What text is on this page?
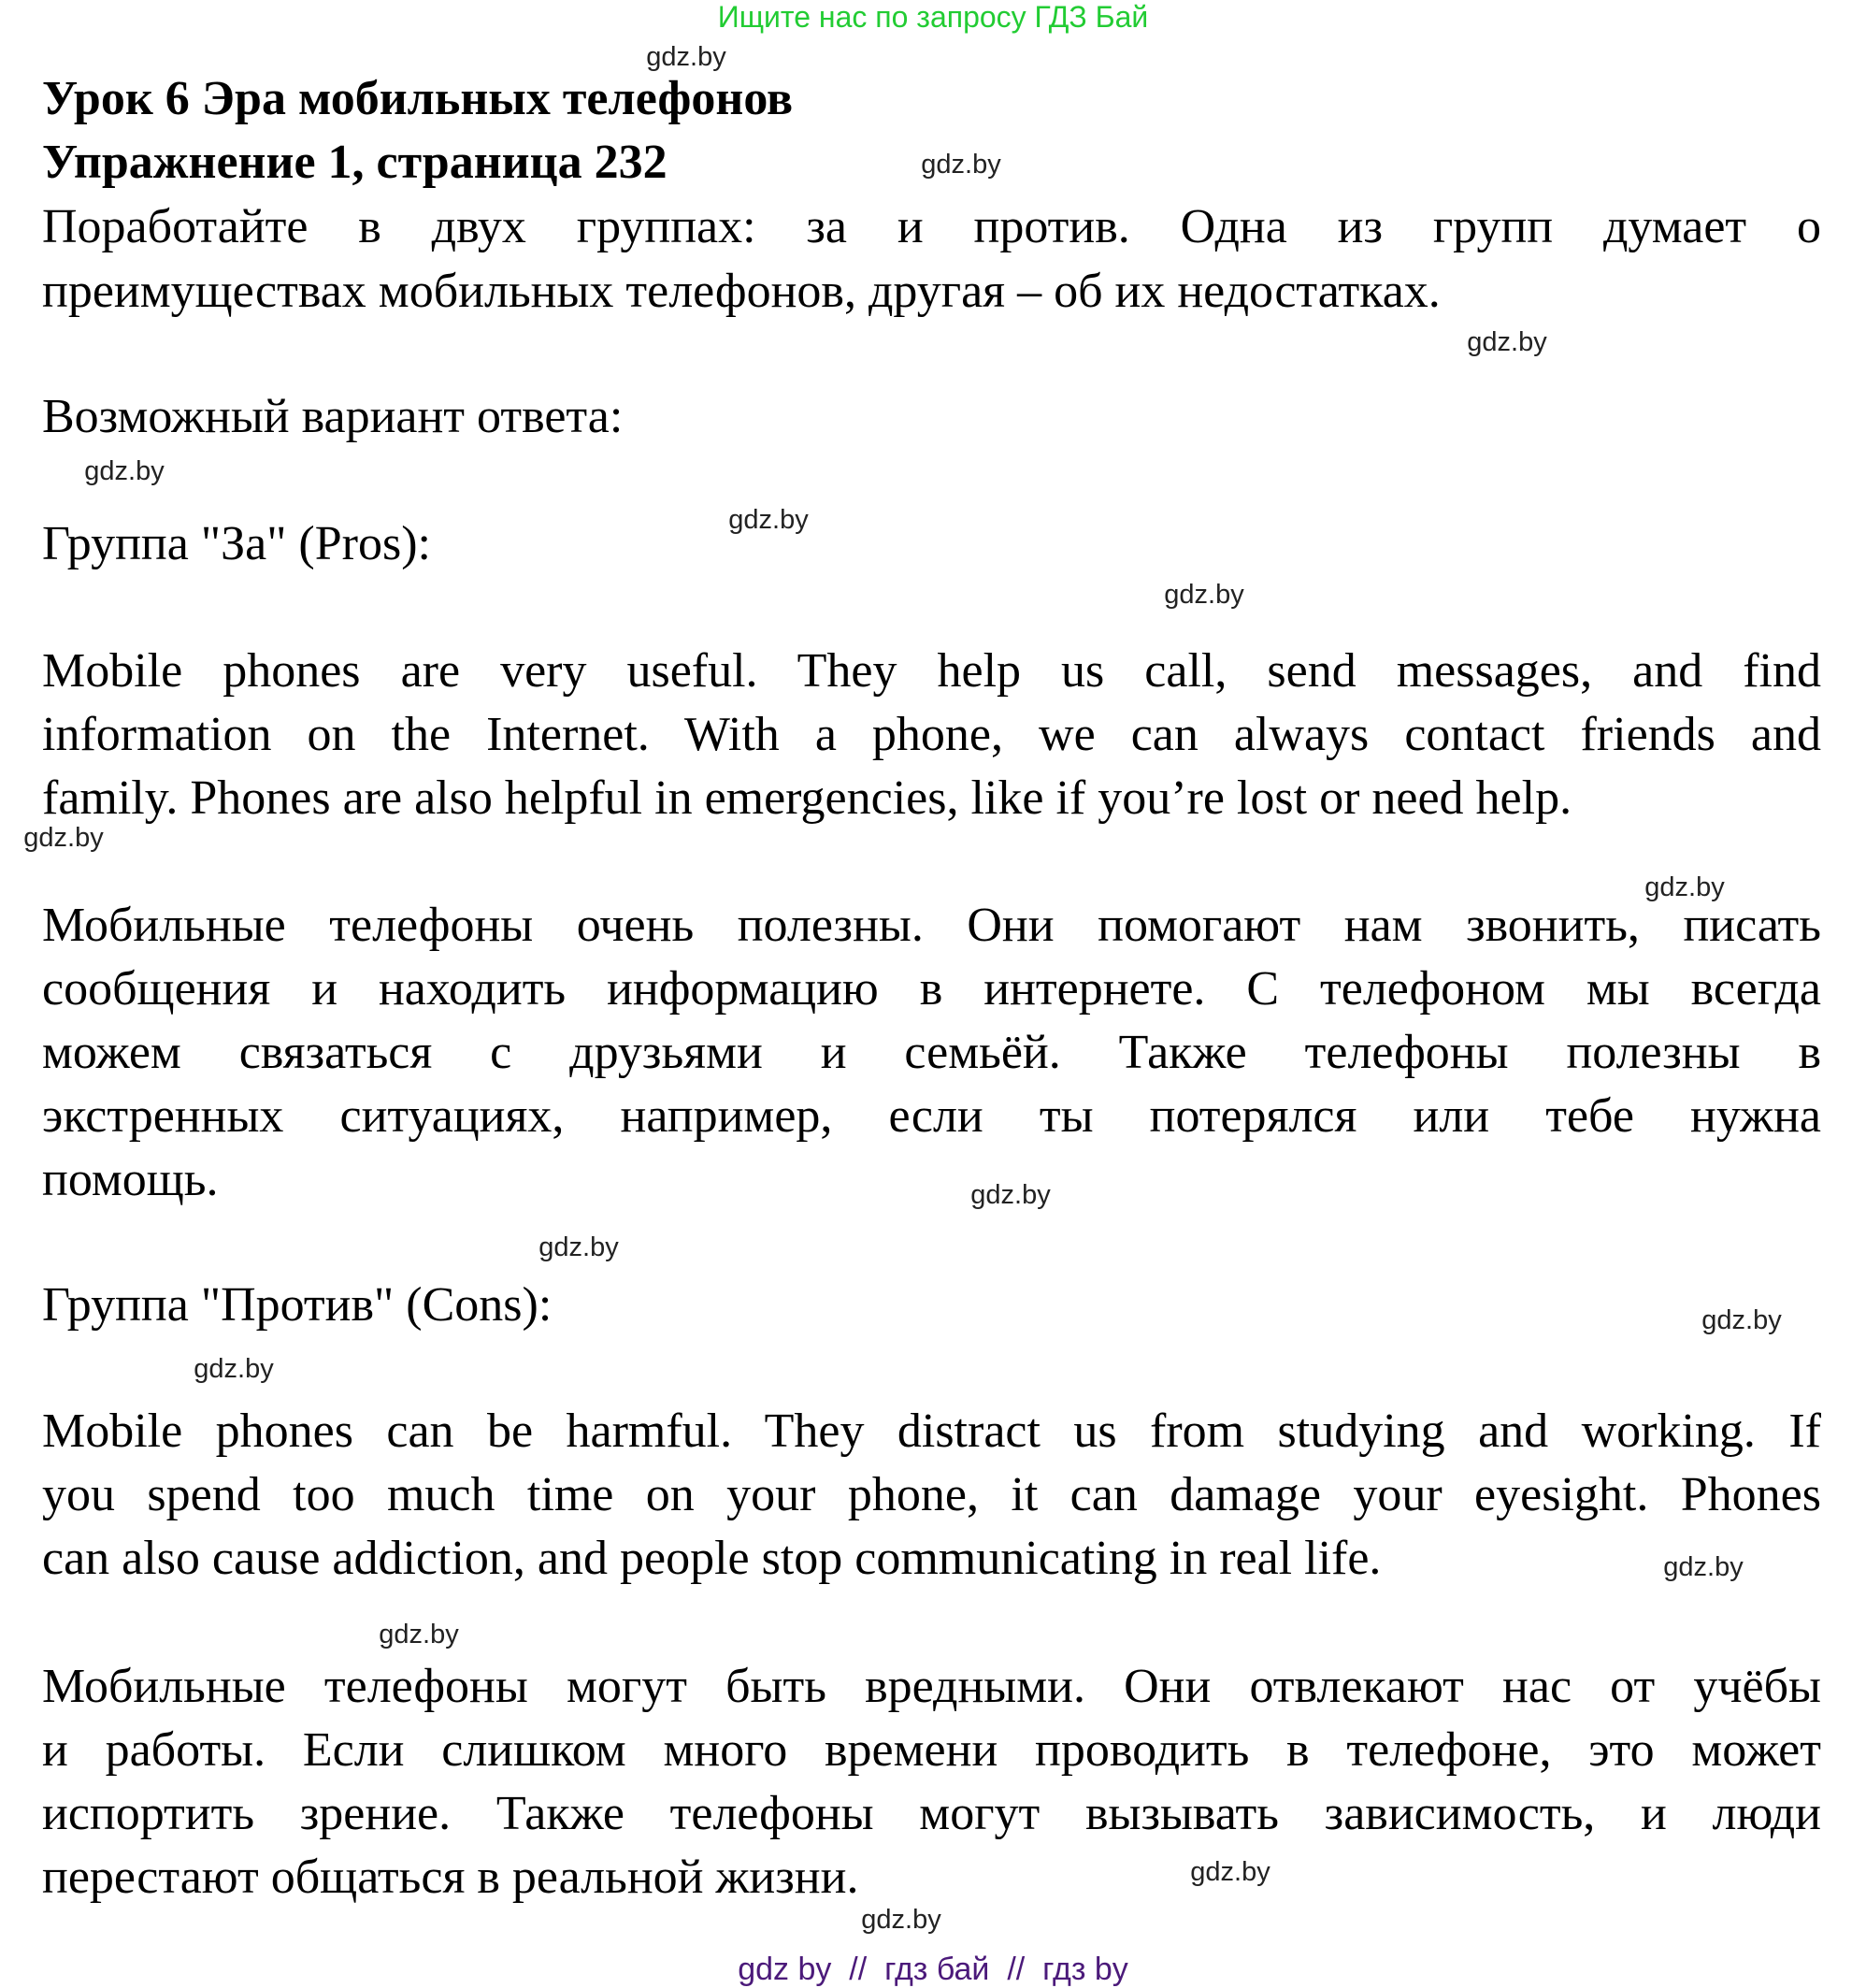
Ищите нас по запросу ГДЗ Бай
Урок 6 Эра мобильных телефонов
Упражнение 1, страница 232
Поработайте в двух группах: за и против. Одна из групп думает о
преимуществах мобильных телефонов, другая – об их недостатках.
Возможный вариант ответа:
Группа "За" (Pros):
Mobile phones are very useful. They help us call, send messages, and find
information on the Internet. With a phone, we can always contact friends and
family. Phones are also helpful in emergencies, like if you’re lost or need help.
Мобильные телефоны очень полезны. Они помогают нам звонить, писать
сообщения и находить информацию в интернете. С телефоном мы всегда
можем связаться с друзьями и семьёй. Также телефоны полезны в
экстренных ситуациях, например, если ты потерялся или тебе нужна
помощь.
Группа "Против" (Cons):
Mobile phones can be harmful. They distract us from studying and working. If
you spend too much time on your phone, it can damage your eyesight. Phones
can also cause addiction, and people stop communicating in real life.
Мобильные телефоны могут быть вредными. Они отвлекают нас от учёбы
и работы. Если слишком много времени проводить в телефоне, это может
испортить зрение. Также телефоны могут вызывать зависимость, и люди
перестают общаться в реальной жизни.
gdz.by
gdz.by
gdz.by
gdz.by
gdz.by
gdz.by
gdz.by
gdz.by
gdz.by
gdz.by
gdz.by
gdz.by
gdz.by
gdz.by
gdz.by
gdz.by
gdz by  //  гдз бай  //  гдз by
